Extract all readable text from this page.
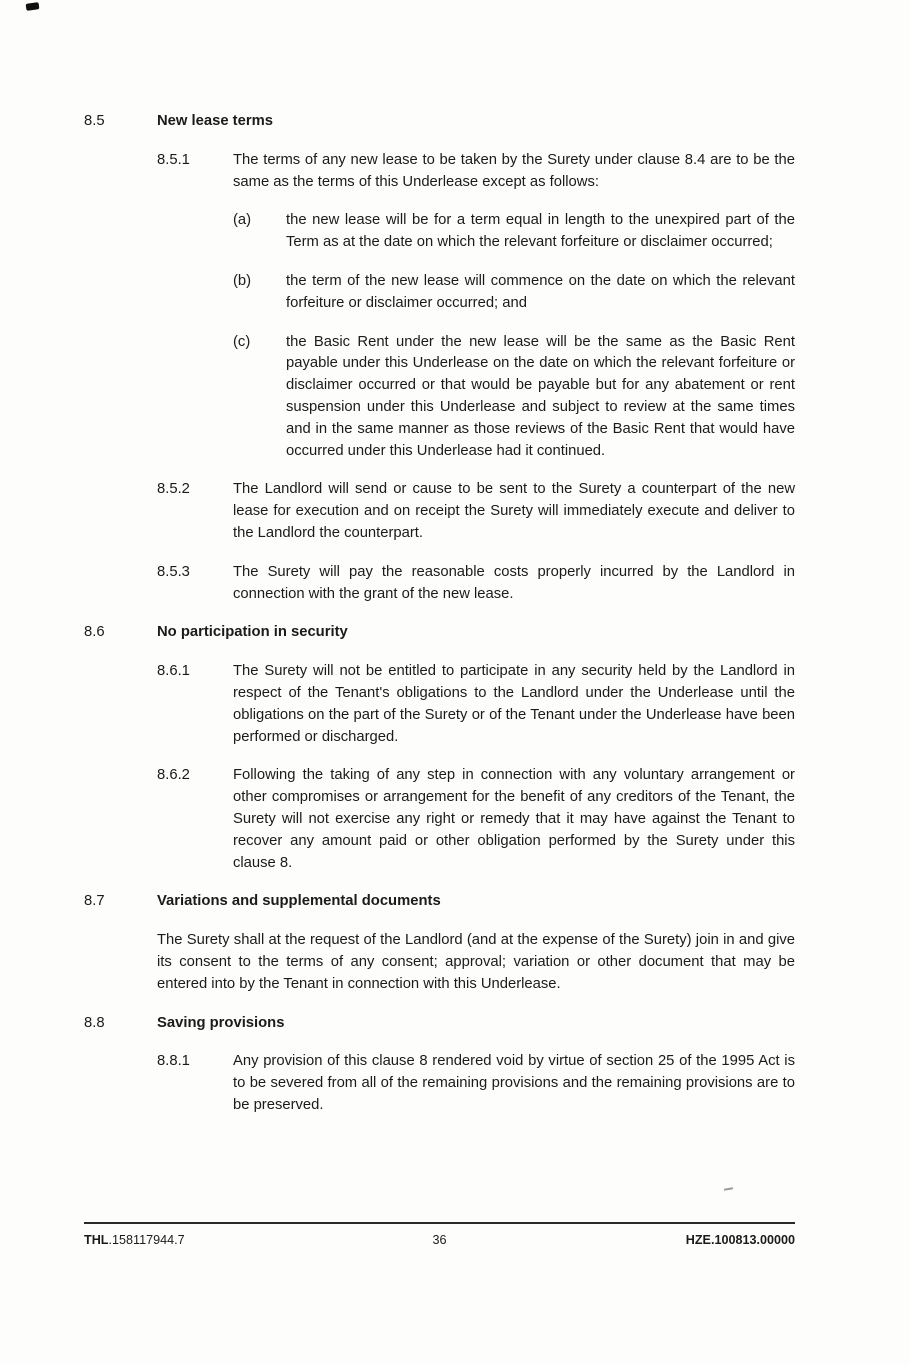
8.5	New lease terms
8.5.1	The terms of any new lease to be taken by the Surety under clause 8.4 are to be the same as the terms of this Underlease except as follows:
(a)	the new lease will be for a term equal in length to the unexpired part of the Term as at the date on which the relevant forfeiture or disclaimer occurred;
(b)	the term of the new lease will commence on the date on which the relevant forfeiture or disclaimer occurred; and
(c)	the Basic Rent under the new lease will be the same as the Basic Rent payable under this Underlease on the date on which the relevant forfeiture or disclaimer occurred or that would be payable but for any abatement or rent suspension under this Underlease and subject to review at the same times and in the same manner as those reviews of the Basic Rent that would have occurred under this Underlease had it continued.
8.5.2	The Landlord will send or cause to be sent to the Surety a counterpart of the new lease for execution and on receipt the Surety will immediately execute and deliver to the Landlord the counterpart.
8.5.3	The Surety will pay the reasonable costs properly incurred by the Landlord in connection with the grant of the new lease.
8.6	No participation in security
8.6.1	The Surety will not be entitled to participate in any security held by the Landlord in respect of the Tenant's obligations to the Landlord under the Underlease until the obligations on the part of the Surety or of the Tenant under the Underlease have been performed or discharged.
8.6.2	Following the taking of any step in connection with any voluntary arrangement or other compromises or arrangement for the benefit of any creditors of the Tenant, the Surety will not exercise any right or remedy that it may have against the Tenant to recover any amount paid or other obligation performed by the Surety under this clause 8.
8.7	Variations and supplemental documents

The Surety shall at the request of the Landlord (and at the expense of the Surety) join in and give its consent to the terms of any consent; approval; variation or other document that may be entered into by the Tenant in connection with this Underlease.

8.8	Saving provisions
8.8.1	Any provision of this clause 8 rendered void by virtue of section 25 of the 1995 Act is to be severed from all of the remaining provisions and the remaining provisions are to be preserved.
THL.158117944.7	36	HZE.100813.00000
